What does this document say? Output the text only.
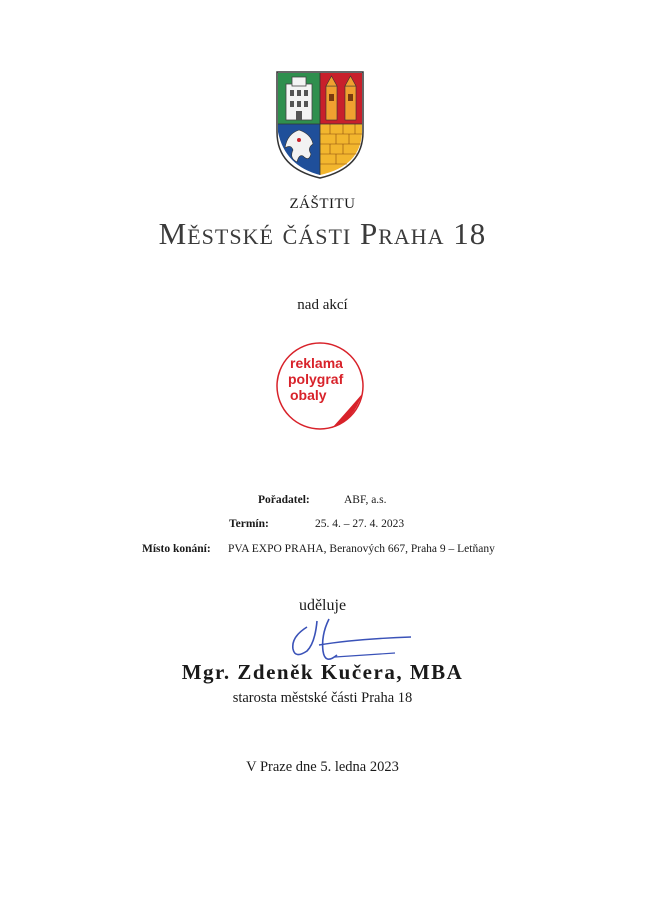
ZÁŠTITU
Městské části Praha 18
nad akcí
reklama
polygraf
obaly
Pořadatel:	ABF, a.s.
Termín:	25. 4. – 27. 4. 2023
Místo konání: PVA EXPO PRAHA, Beranových 667, Praha 9 – Letňany
uděluje
Mgr. Zdeněk Kučera, MBA
starosta městské části Praha 18
V Praze dne 5. ledna 2023
